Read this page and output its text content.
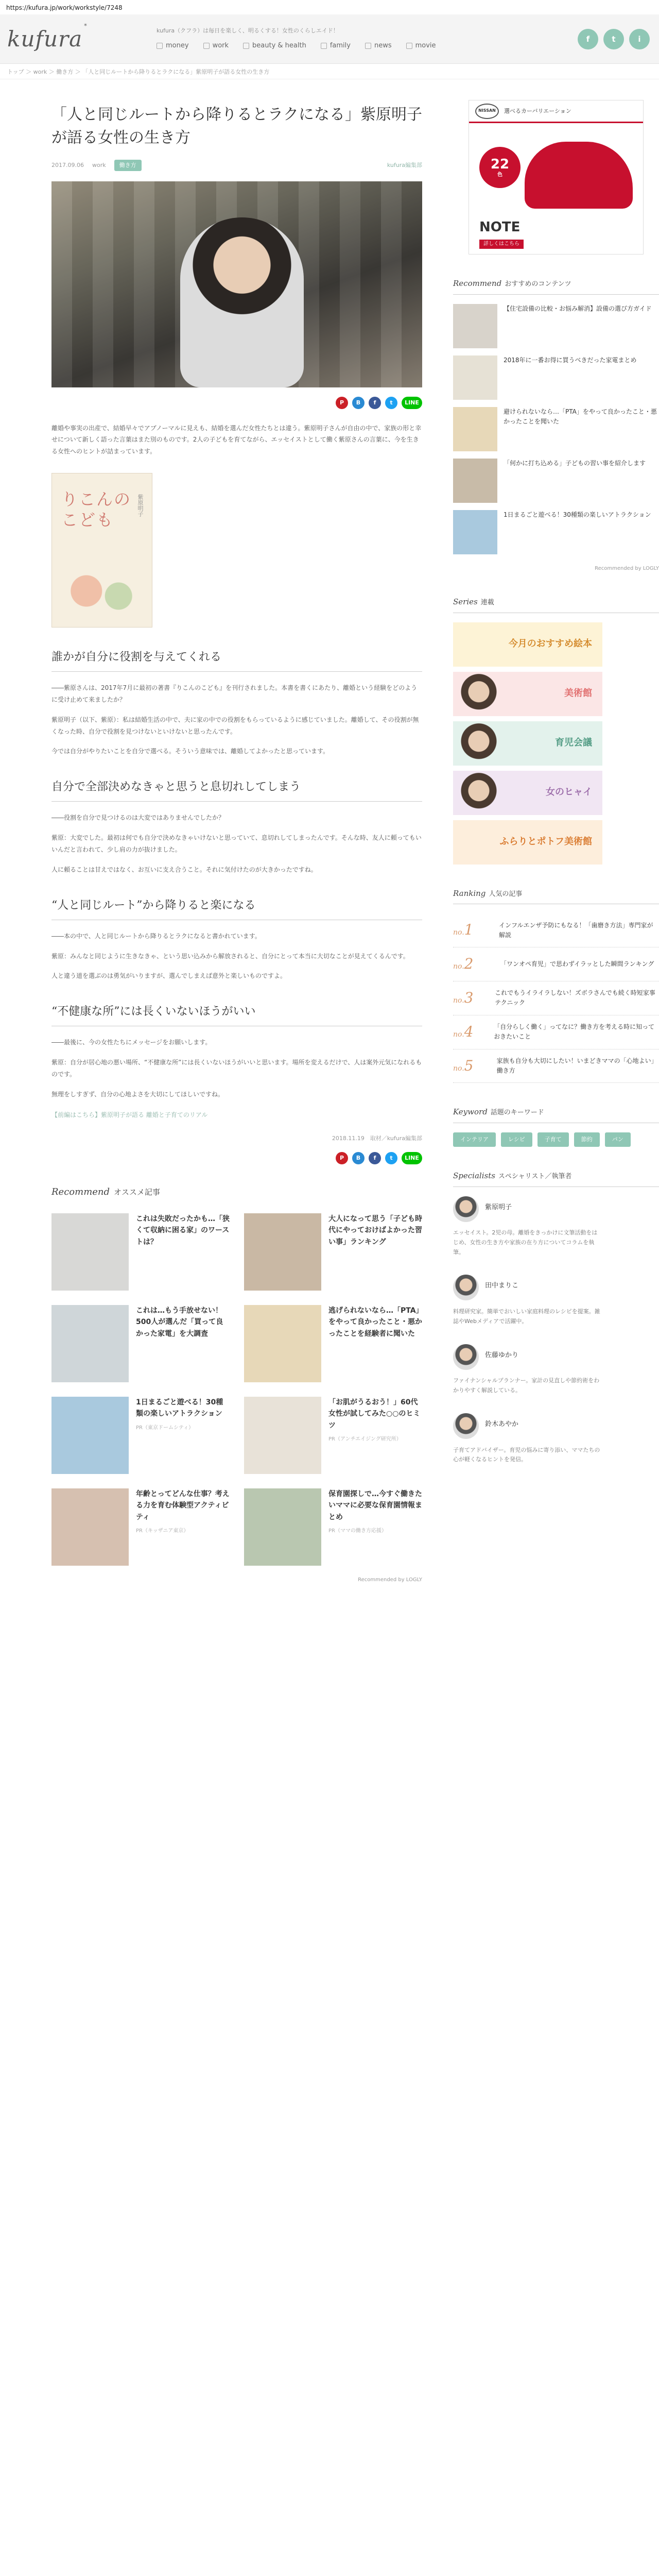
https://kufura.jp/work/workstyle/7248
kufura*
kufura（クフラ）は毎日を楽しく、明るくする！女性のくらしエイド！
money	work	beauty & health	family	news	movie
f	t	i
トップ ＞ work ＞ 働き方 ＞ 「人と同じルートから降りるとラクになる」紫原明子が語る女性の生き方
「人と同じルートから降りるとラクになる」紫原明子が語る女性の生き方
2017.09.06 work	働き方	kufura編集部
P	B	f	t	LINE

離婚や事実の出産で、結婚早々でアブノーマルに見えも、結婚を選んだ女性たちとは違う。紫原明子さんが自由の中で、家族の形と幸せについて新しく語った言葉はまた別のものです。2人の子どもを育てながら、エッセイストとして働く紫原さんの言葉に、今を生きる女性へのヒントが詰まっています。

りこんのこども
紫原明子
誰かが自分に役割を与えてくれる

――紫原さんは、2017年7月に最初の著書『りこんのこども』を刊行されました。本書を書くにあたり、離婚という経験をどのように受け止めて来ましたか？

紫原明子（以下、紫原）：私は結婚生活の中で、夫に家の中での役割をもらっているように感じていました。離婚して、その役割が無くなった時、自分で役割を見つけないといけないと思ったんです。

今では自分がやりたいことを自分で選べる。そういう意味では、離婚してよかったと思っています。

自分で全部決めなきゃと思うと息切れしてしまう

――役割を自分で見つけるのは大変ではありませんでしたか？

紫原：大変でした。最初は何でも自分で決めなきゃいけないと思っていて、息切れしてしまったんです。そんな時、友人に頼ってもいいんだと言われて、少し肩の力が抜けました。

人に頼ることは甘えではなく、お互いに支え合うこと。それに気付けたのが大きかったですね。

“人と同じルート”から降りると楽になる

――本の中で、人と同じルートから降りるとラクになると書かれています。

紫原：みんなと同じように生きなきゃ、という思い込みから解放されると、自分にとって本当に大切なことが見えてくるんです。

人と違う道を選ぶのは勇気がいりますが、選んでしまえば意外と楽しいものですよ。

“不健康な所”には長くいないほうがいい

――最後に、今の女性たちにメッセージをお願いします。

紫原：自分が居心地の悪い場所、“不健康な所”には長くいないほうがいいと思います。場所を変えるだけで、人は案外元気になれるものです。

無理をしすぎず、自分の心地よさを大切にしてほしいですね。

【前編はこちら】紫原明子が語る 離婚と子育てのリアル
2018.11.19　取材／kufura編集部
P	B	f	t	LINE
Recommend オススメ記事
これは失敗だったかも…「狭くて収納に困る家」のワーストは？
大人になって思う「子ども時代にやっておけばよかった習い事」ランキング
これは…もう手放せない！500人が選んだ「買って良かった家電」を大調査
逃げられないなら…「PTA」をやって良かったこと・悪かったことを経験者に聞いた
1日まるごと遊べる！30種類の楽しいアトラクション
PR（東京ドームシティ）
「お肌がうるおう！」60代女性が試してみた○○のヒミツ
PR（アンチエイジング研究所）
年齢とってどんな仕事？考える力を育む体験型アクティビティ
PR（キッザニア東京）
保育園探しで…今すぐ働きたいママに必要な保育園情報まとめ
PR（ママの働き方応援）
Recommended by LOGLY
NISSAN	選べるカーバリエーション
22
色
NOTE
詳しくはこちら
Recommend おすすめのコンテンツ
【住宅設備の比較・お悩み解消】設備の選び方ガイド
2018年に一番お得に買うべきだった家電まとめ
避けられないなら…「PTA」をやって良かったこと・悪かったことを聞いた
「何かに打ち込める」子どもの習い事を紹介します
1日まるごと遊べる！30種類の楽しいアトラクション
Recommended by LOGLY
Series 連載
今月のおすすめ絵本
美術館
育児会議
女のヒャイ
ふらりとポトフ美術館
Ranking 人気の記事
no.1	インフルエンザ予防にもなる！「歯磨き方法」専門家が解説
no.2	「ワンオペ育児」で思わずイラッとした瞬間ランキング
no.3	これでもうイライラしない！ズボラさんでも続く時短家事テクニック
no.4	「自分らしく働く」ってなに？働き方を考える時に知っておきたいこと
no.5	家族も自分も大切にしたい！いまどきママの「心地よい」働き方
Keyword 話題のキーワード
インテリア	レシピ	子育て	節約	パン
Specialists スペシャリスト／執筆者
紫原明子
エッセイスト。2児の母。離婚をきっかけに文筆活動をはじめ、女性の生き方や家族の在り方についてコラムを執筆。
田中まりこ
料理研究家。簡単でおいしい家庭料理のレシピを提案。雑誌やWebメディアで活躍中。
佐藤ゆかり
ファイナンシャルプランナー。家計の見直しや節約術をわかりやすく解説している。
鈴木あやか
子育てアドバイザー。育児の悩みに寄り添い、ママたちの心が軽くなるヒントを発信。
